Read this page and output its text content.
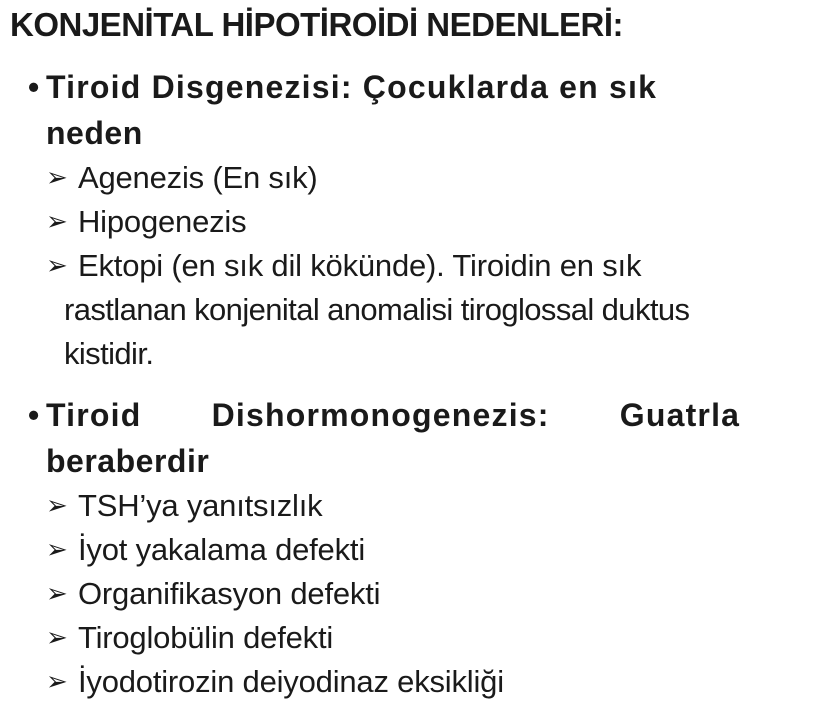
KONJENİTAL HİPOTİROİDİ NEDENLERİ:
• Tiroid Disgenezisi: Çocuklarda en sık
neden
➢ Agenezis (En sık)
➢ Hipogenezis
➢ Ektopi (en sık dil kökünde). Tiroidin en sık
rastlanan konjenital anomalisi tiroglossal duktus
kistidir.
• Tiroid Dishormonogenezis: Guatrla
beraberdir
➢ TSH’ya yanıtsızlık
➢ İyot yakalama defekti
➢ Organifikasyon defekti
➢ Tiroglobülin defekti
➢ İyodotirozin deiyodinaz eksikliği
